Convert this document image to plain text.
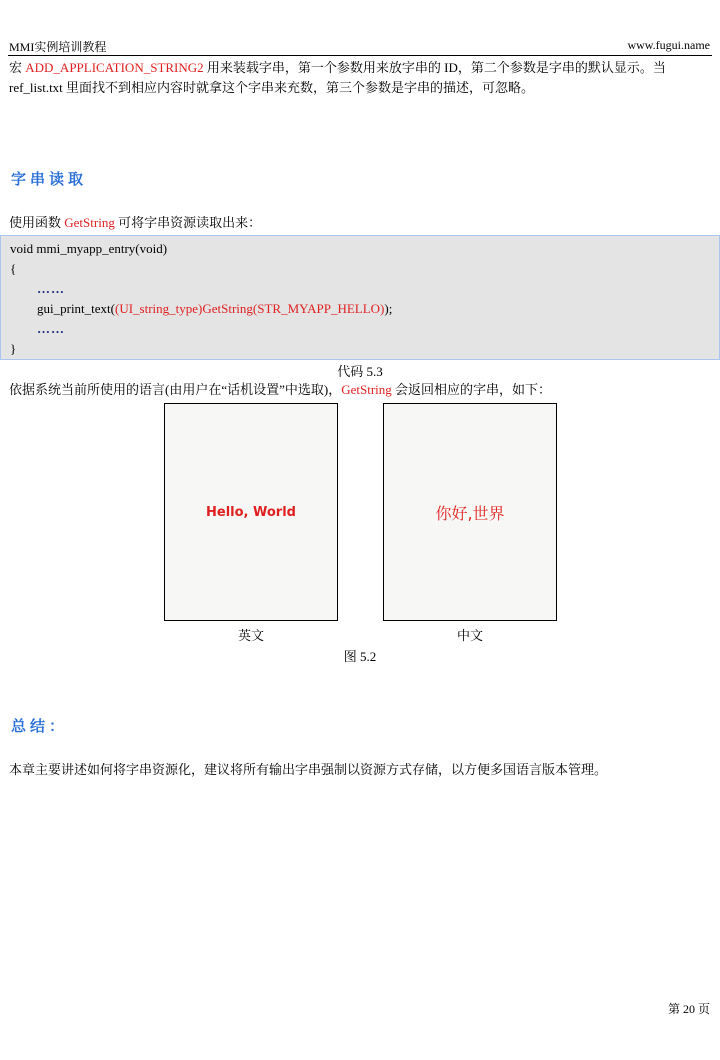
MMI实例培训教程	www.fugui.name
宏 ADD_APPLICATION_STRING2 用来装载字串，第一个参数用来放字串的 ID，第二个参数是字串的默认显示。当
ref_list.txt 里面找不到相应内容时就拿这个字串来充数，第三个参数是字串的描述，可忽略。
字串读取
使用函数 GetString 可将字串资源读取出来：
void mmi_myapp_entry(void)
{
……
gui_print_text((UI_string_type)GetString(STR_MYAPP_HELLO));
……
}
代码 5.3
依据系统当前所使用的语言(由用户在“话机设置”中选取)，GetString 会返回相应的字串，如下：
Hello, World	你好,世界
英文	中文
图 5.2
总结：
本章主要讲述如何将字串资源化，建议将所有输出字串强制以资源方式存储，以方便多国语言版本管理。
第 20 页
